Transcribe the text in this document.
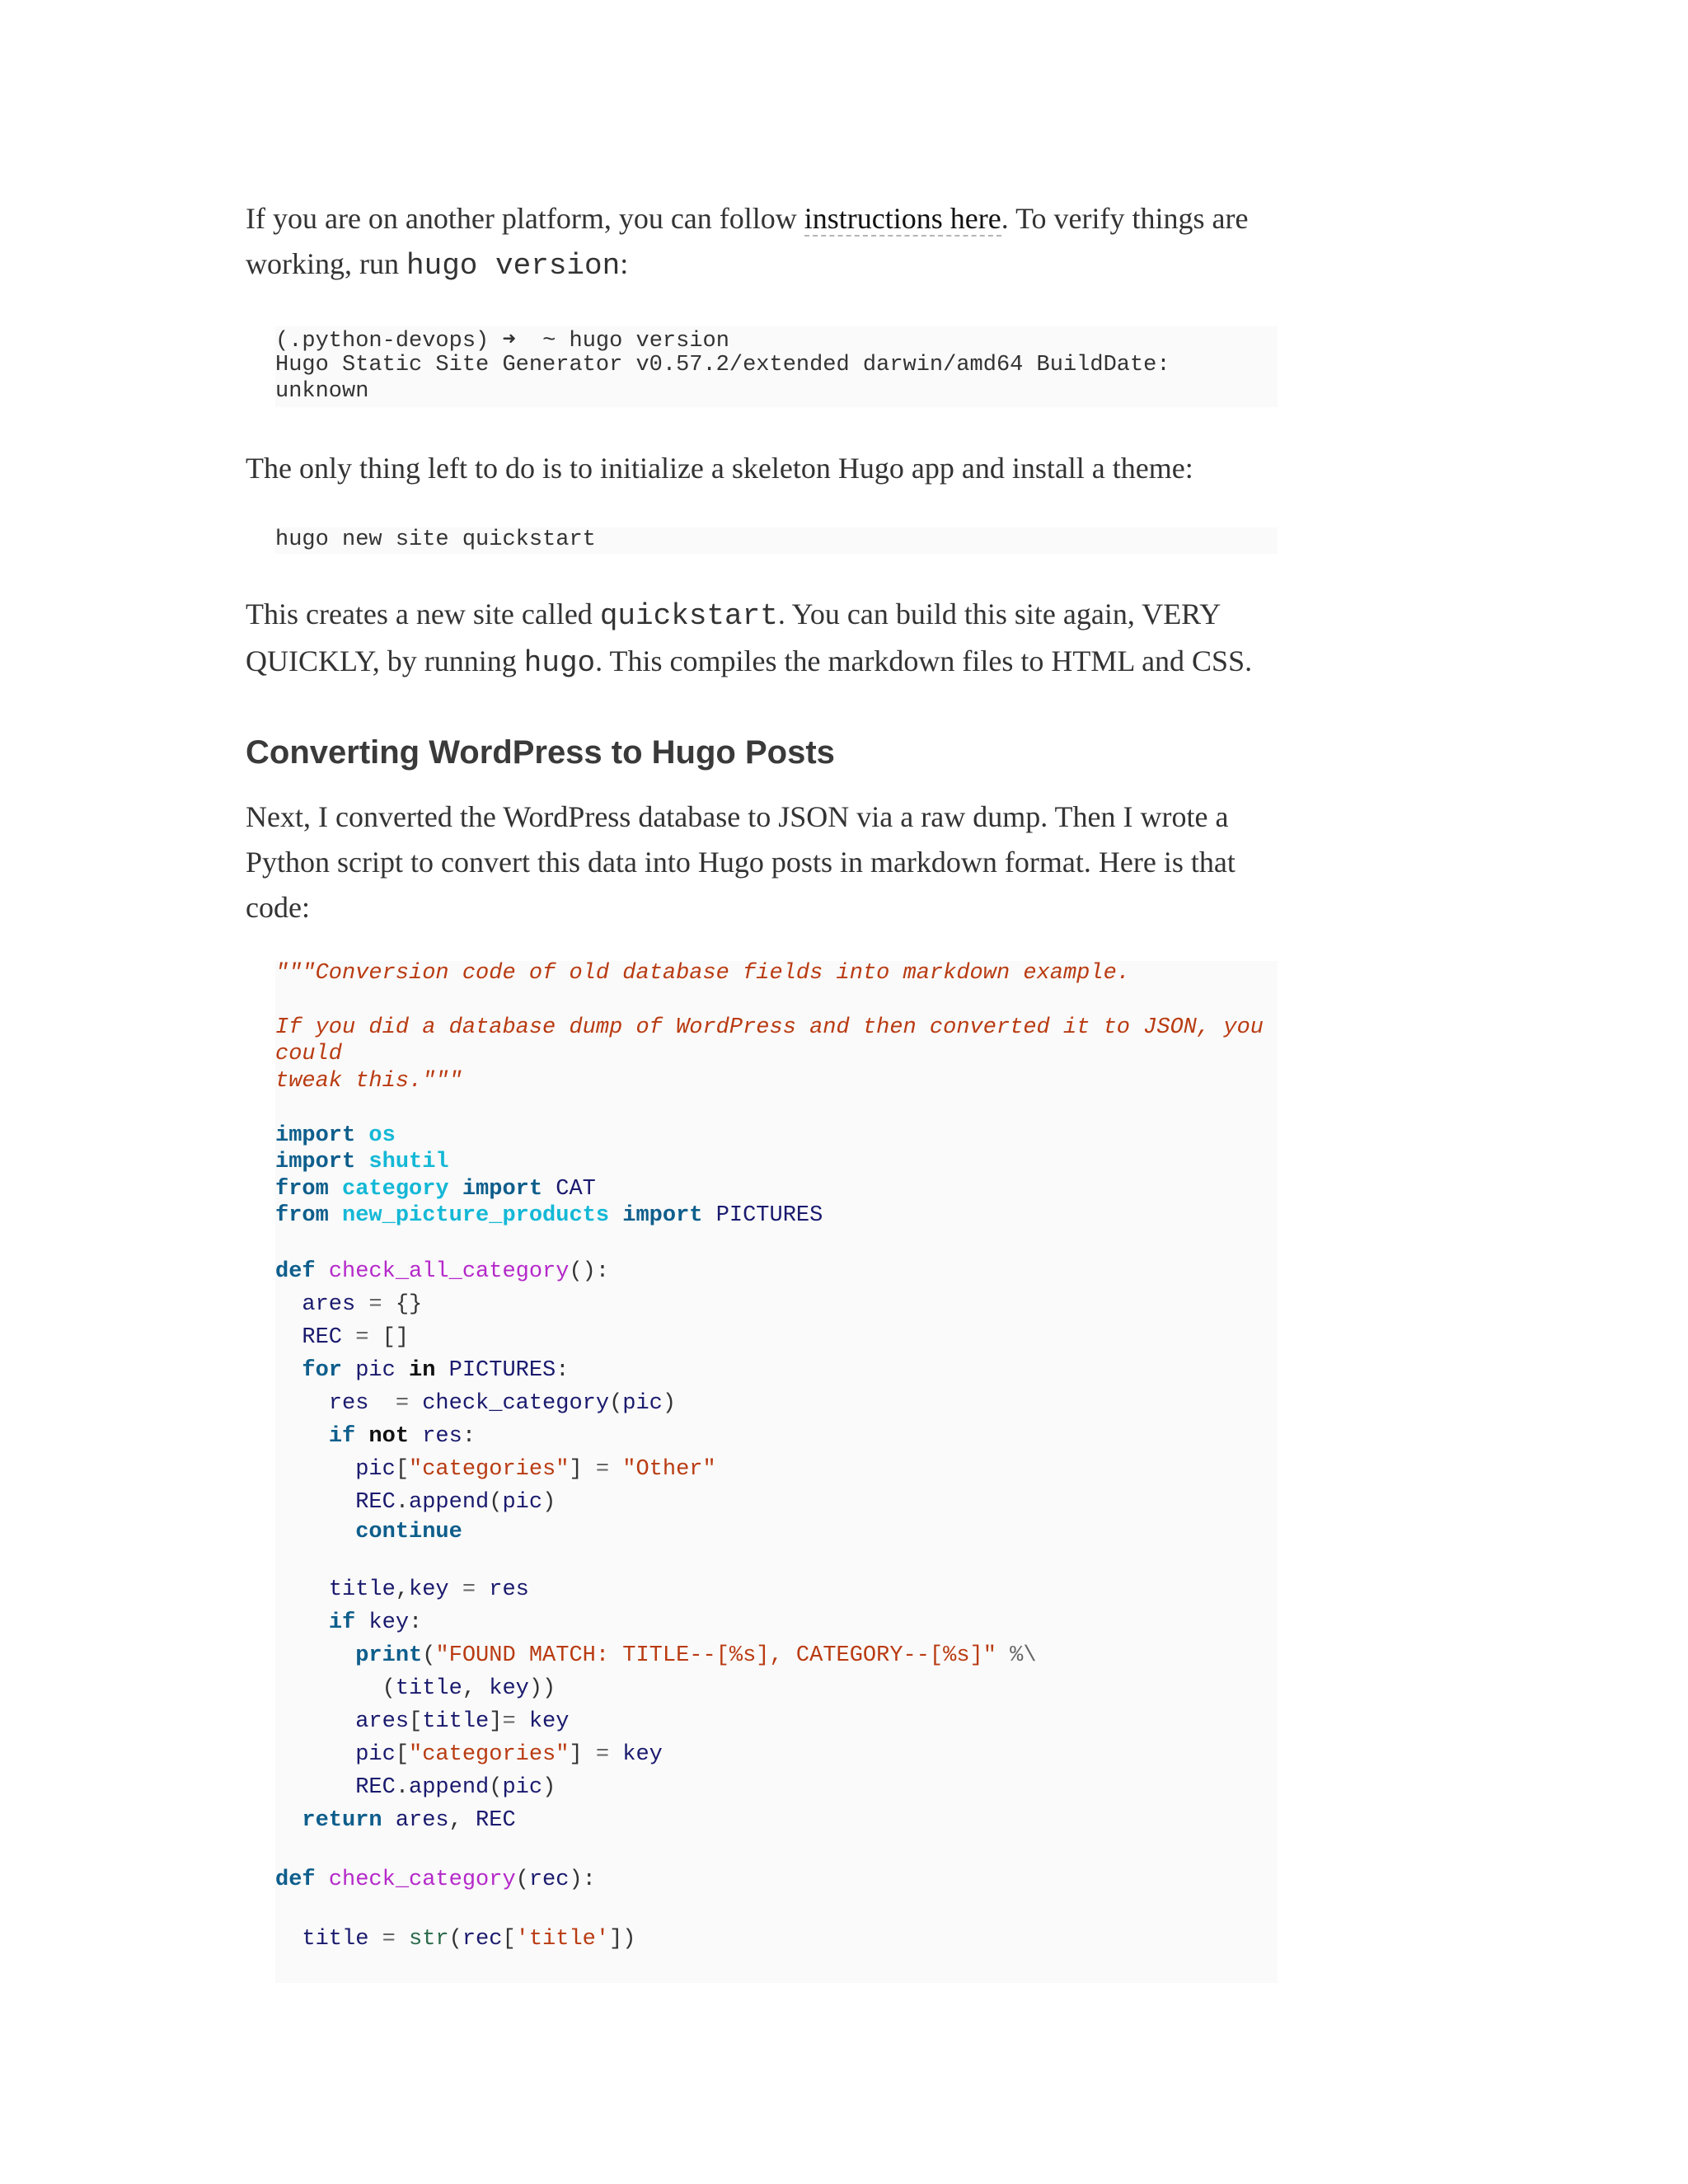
If you are on another platform, you can follow instructions here. To verify things are working, run hugo version:

(.python-devops) ➜  ~ hugo version
Hugo Static Site Generator v0.57.2/extended darwin/amd64 BuildDate:
unknown

The only thing left to do is to initialize a skeleton Hugo app and install a theme:

hugo new site quickstart

This creates a new site called quickstart. You can build this site again, VERY QUICKLY, by running hugo. This compiles the markdown files to HTML and CSS.

Converting WordPress to Hugo Posts

Next, I converted the WordPress database to JSON via a raw dump. Then I wrote a Python script to convert this data into Hugo posts in markdown format. Here is that code:

"""Conversion code of old database fields into markdown example.
If you did a database dump of WordPress and then converted it to JSON, you
could
tweak this."""
import os
import shutil
from category import CAT
from new_picture_products import PICTURES
def check_all_category():
ares = {}
REC = []
for pic in PICTURES:
res = check_category(pic)
if not res:
pic["categories"] = "Other"
REC.append(pic)
continue
title,key = res
if key:
print("FOUND MATCH: TITLE--[%s], CATEGORY--[%s]" %\
(title, key))
ares[title]= key
pic["categories"] = key
REC.append(pic)
return ares, REC
def check_category(rec):
title = str(rec['title'])
